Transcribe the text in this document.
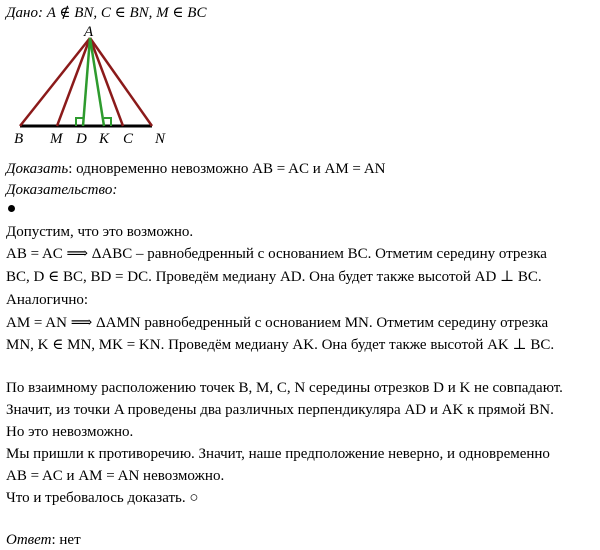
Дано: A ∉ BN, C ∈ BN, M ∈ BC
A
B M D K C N
Доказать: одновременно невозможно AB = AC и AM = AN
Доказательство:
Допустим, что это возможно.
AB = AC ⟹ ΔABC – равнобедренный с основанием BC. Отметим середину отрезка
BC, D ∈ BC, BD = DC. Проведём медиану AD. Она будет также высотой AD ⊥ BC.
Аналогично:
AM = AN ⟹ ΔAMN равнобедренный с основанием MN. Отметим середину отрезка
MN, K ∈ MN, MK = KN. Проведём медиану AK. Она будет также высотой AK ⊥ BC.
По взаимному расположению точек B, M, C, N середины отрезков D и K не совпадают.
Значит, из точки A проведены два различных перпендикуляра AD и AK к прямой BN.
Но это невозможно.
Мы пришли к противоречию. Значит, наше предположение неверно, и одновременно
AB = AC и AM = AN невозможно.
Что и требовалось доказать. ○
Ответ: нет
